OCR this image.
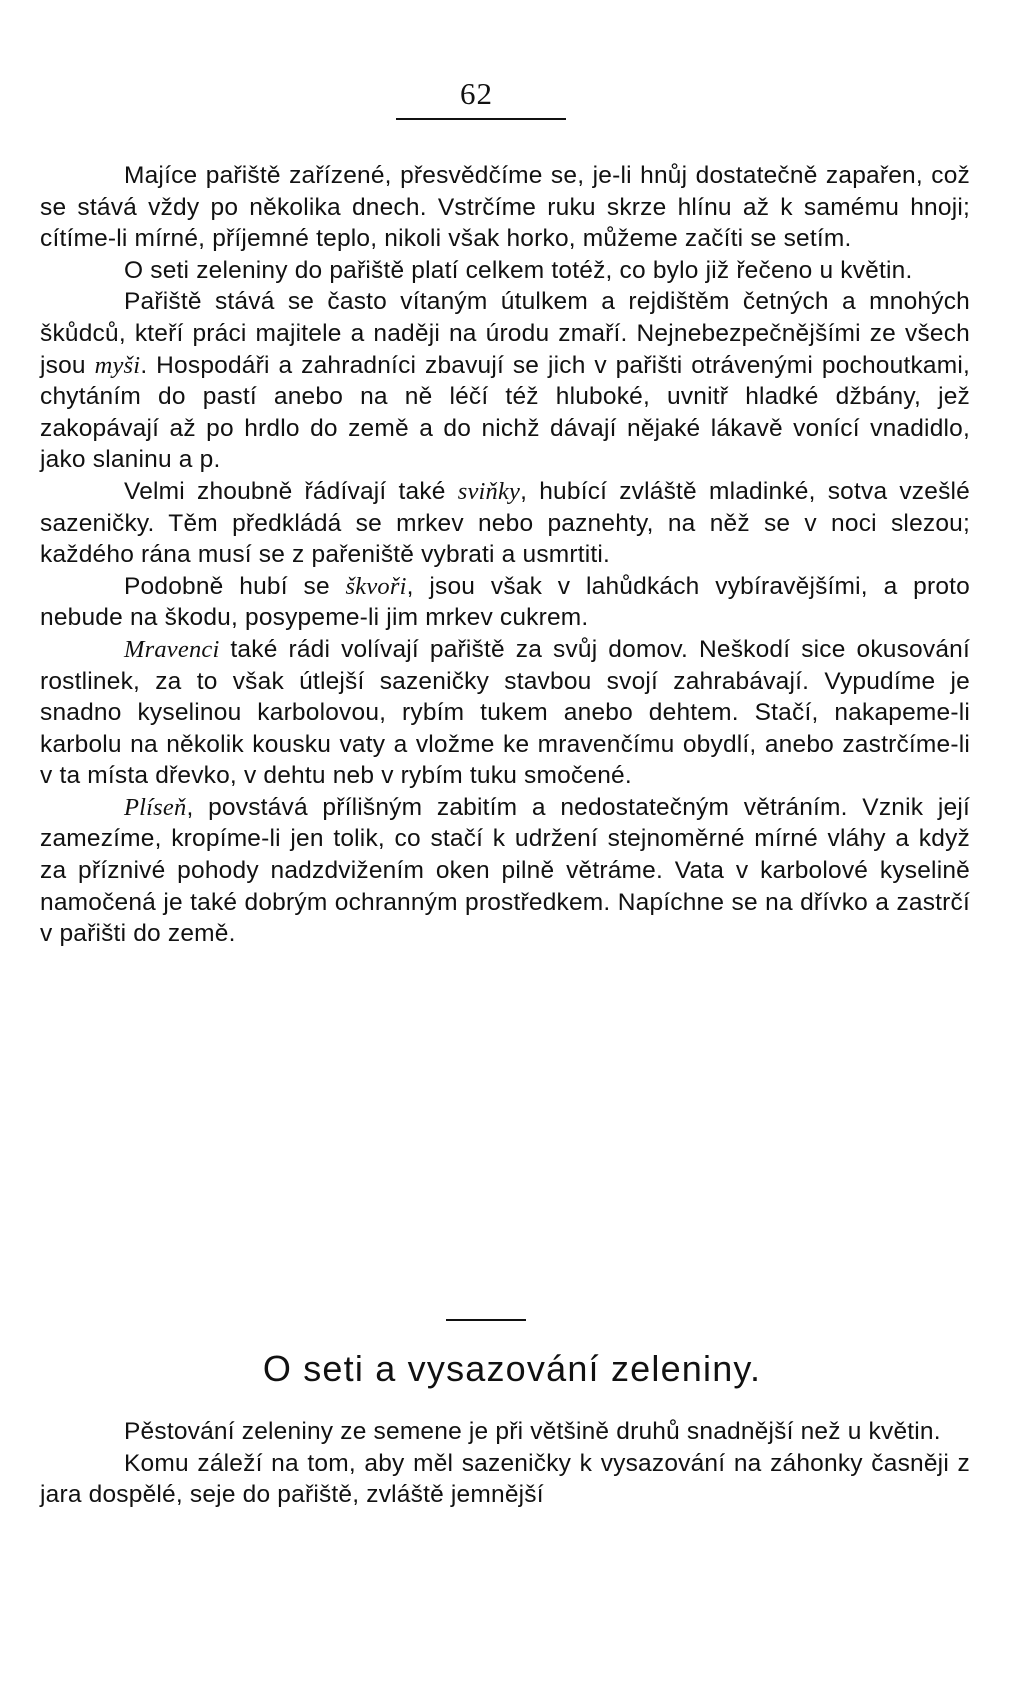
62

Majíce pařiště zařízené, přesvědčíme se, je-li hnůj dostatečně zapařen, což se stává vždy po několika dnech. Vstrčíme ruku skrze hlínu až k samému hnoji; cítíme-li mírné, příjemné teplo, nikoli však horko, můžeme začíti se setím.

O seti zeleniny do pařiště platí celkem totéž, co bylo již řečeno u květin.

Pařiště stává se často vítaným útulkem a rejdištěm četných a mnohých škůdců, kteří práci majitele a naději na úrodu zmaří. Nejnebezpečnějšími ze všech jsou myši. Hospodáři a zahradníci zbavují se jich v pařišti otrávenými pochoutkami, chytáním do pastí anebo na ně léčí též hluboké, uvnitř hladké džbány, jež zakopávají až po hrdlo do země a do nichž dávají nějaké lákavě vonící vnadidlo, jako slaninu a p.

Velmi zhoubně řádívají také sviňky, hubící zvláště mladinké, sotva vzešlé sazeničky. Těm předkládá se mrkev nebo paznehty, na něž se v noci slezou; každého rána musí se z pařeniště vybrati a usmrtiti.

Podobně hubí se škvoři, jsou však v lahůdkách vybíravějšími, a proto nebude na škodu, posypeme-li jim mrkev cukrem.

Mravenci také rádi volívají pařiště za svůj domov. Neškodí sice okusování rostlinek, za to však útlejší sazeničky stavbou svojí zahrabávají. Vypudíme je snadno kyselinou karbolovou, rybím tukem anebo dehtem. Stačí, nakapeme-li karbolu na několik kousku vaty a vložme ke mravenčímu obydlí, anebo zastrčíme-li v ta místa dřevko, v dehtu neb v rybím tuku smočené.

Plíseň, povstává přílišným zabitím a nedostatečným větráním. Vznik její zamezíme, kropíme-li jen tolik, co stačí k udržení stejnoměrné mírné vláhy a když za příznivé pohody nadzdvižením oken pilně větráme. Vata v karbolové kyselině namočená je také dobrým ochranným prostředkem. Napíchne se na dřívko a zastrčí v pařišti do země.

O seti a vysazování zeleniny.

Pěstování zeleniny ze semene je při většině druhů snadnější než u květin.

Komu záleží na tom, aby měl sazeničky k vysazování na záhonky časněji z jara dospělé, seje do pařiště, zvláště jemnější
